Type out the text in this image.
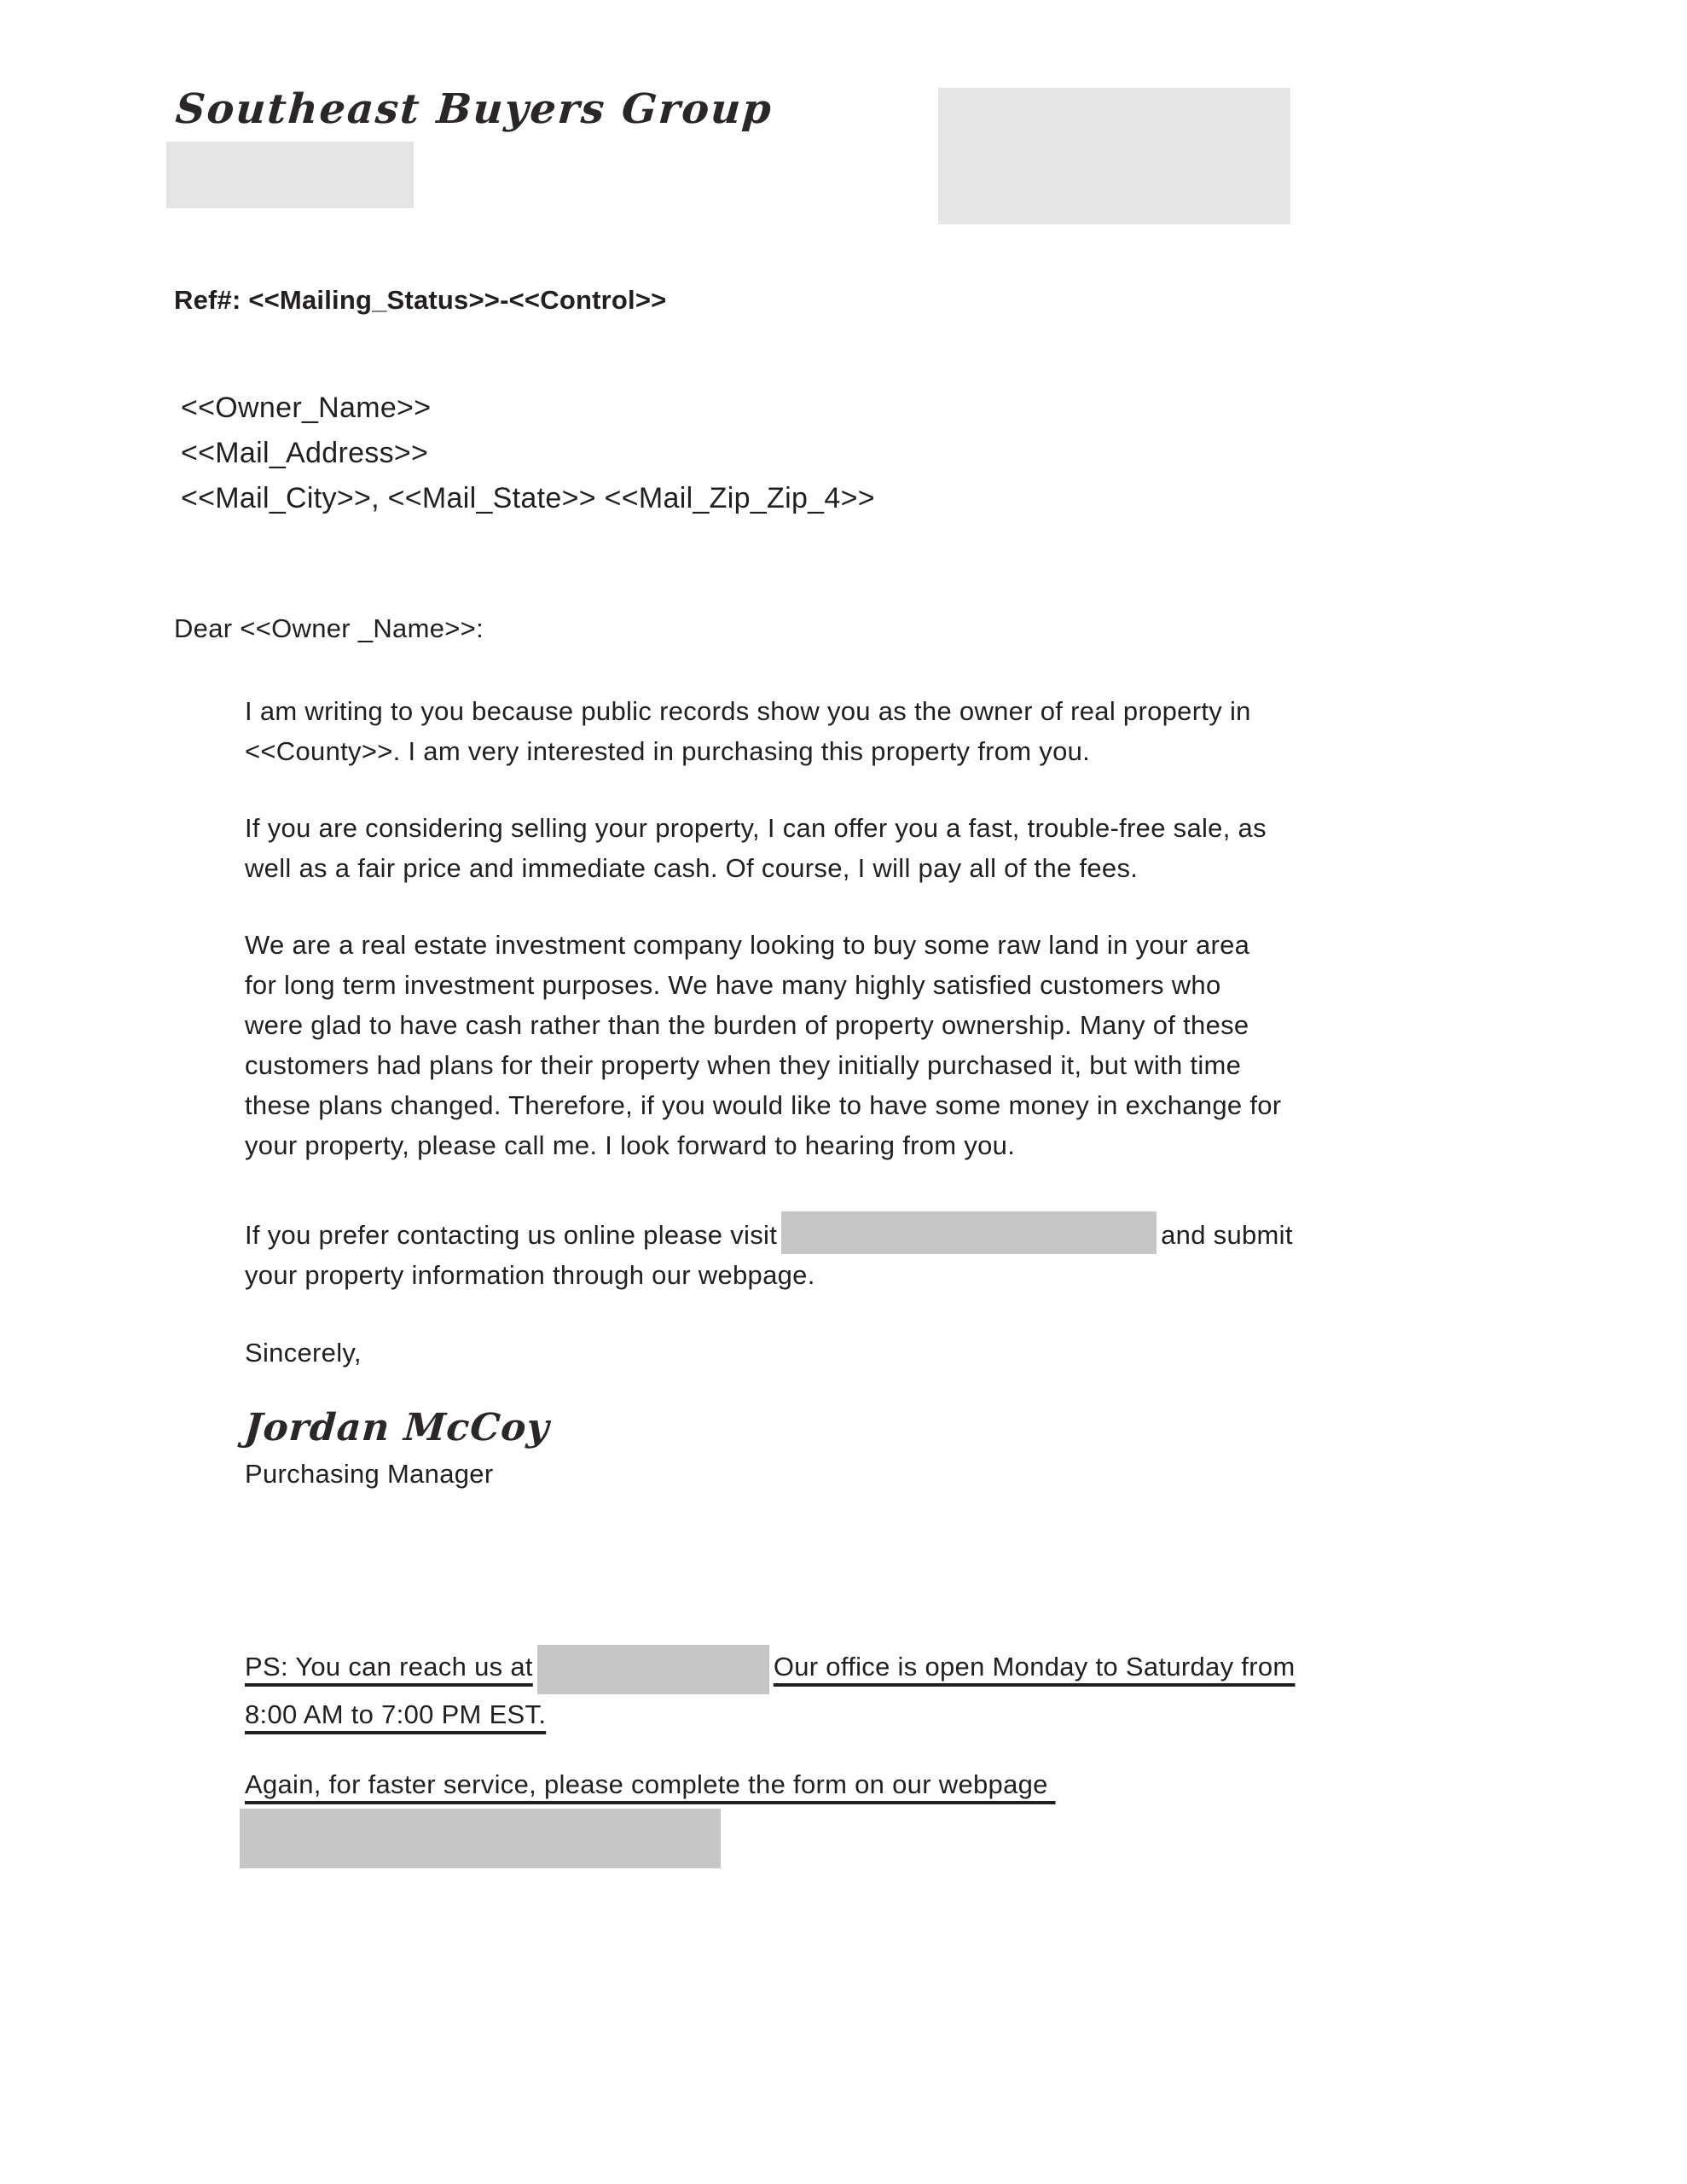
Southeast Buyers Group
Ref#: <<Mailing_Status>>-<<Control>>
<<Owner_Name>>
<<Mail_Address>>
<<Mail_City>>, <<Mail_State>> <<Mail_Zip_Zip_4>>
Dear <<Owner _Name>>:

I am writing to you because public records show you as the owner of real property in
<<County>>. I am very interested in purchasing this property from you.

If you are considering selling your property, I can offer you a fast, trouble-free sale, as
well as a fair price and immediate cash. Of course, I will pay all of the fees.

We are a real estate investment company looking to buy some raw land in your area
for long term investment purposes. We have many highly satisfied customers who
were glad to have cash rather than the burden of property ownership. Many of these
customers had plans for their property when they initially purchased it, but with time
these plans changed. Therefore, if you would like to have some money in exchange for
your property, please call me. I look forward to hearing from you.

If you prefer contacting us online please visit	and submit
your property information through our webpage.

Sincerely,
Jordan McCoy
Purchasing Manager

PS: You can reach us at	Our office is open Monday to Saturday from
8:00 AM to 7:00 PM EST.

Again, for faster service, please complete the form on our webpage
